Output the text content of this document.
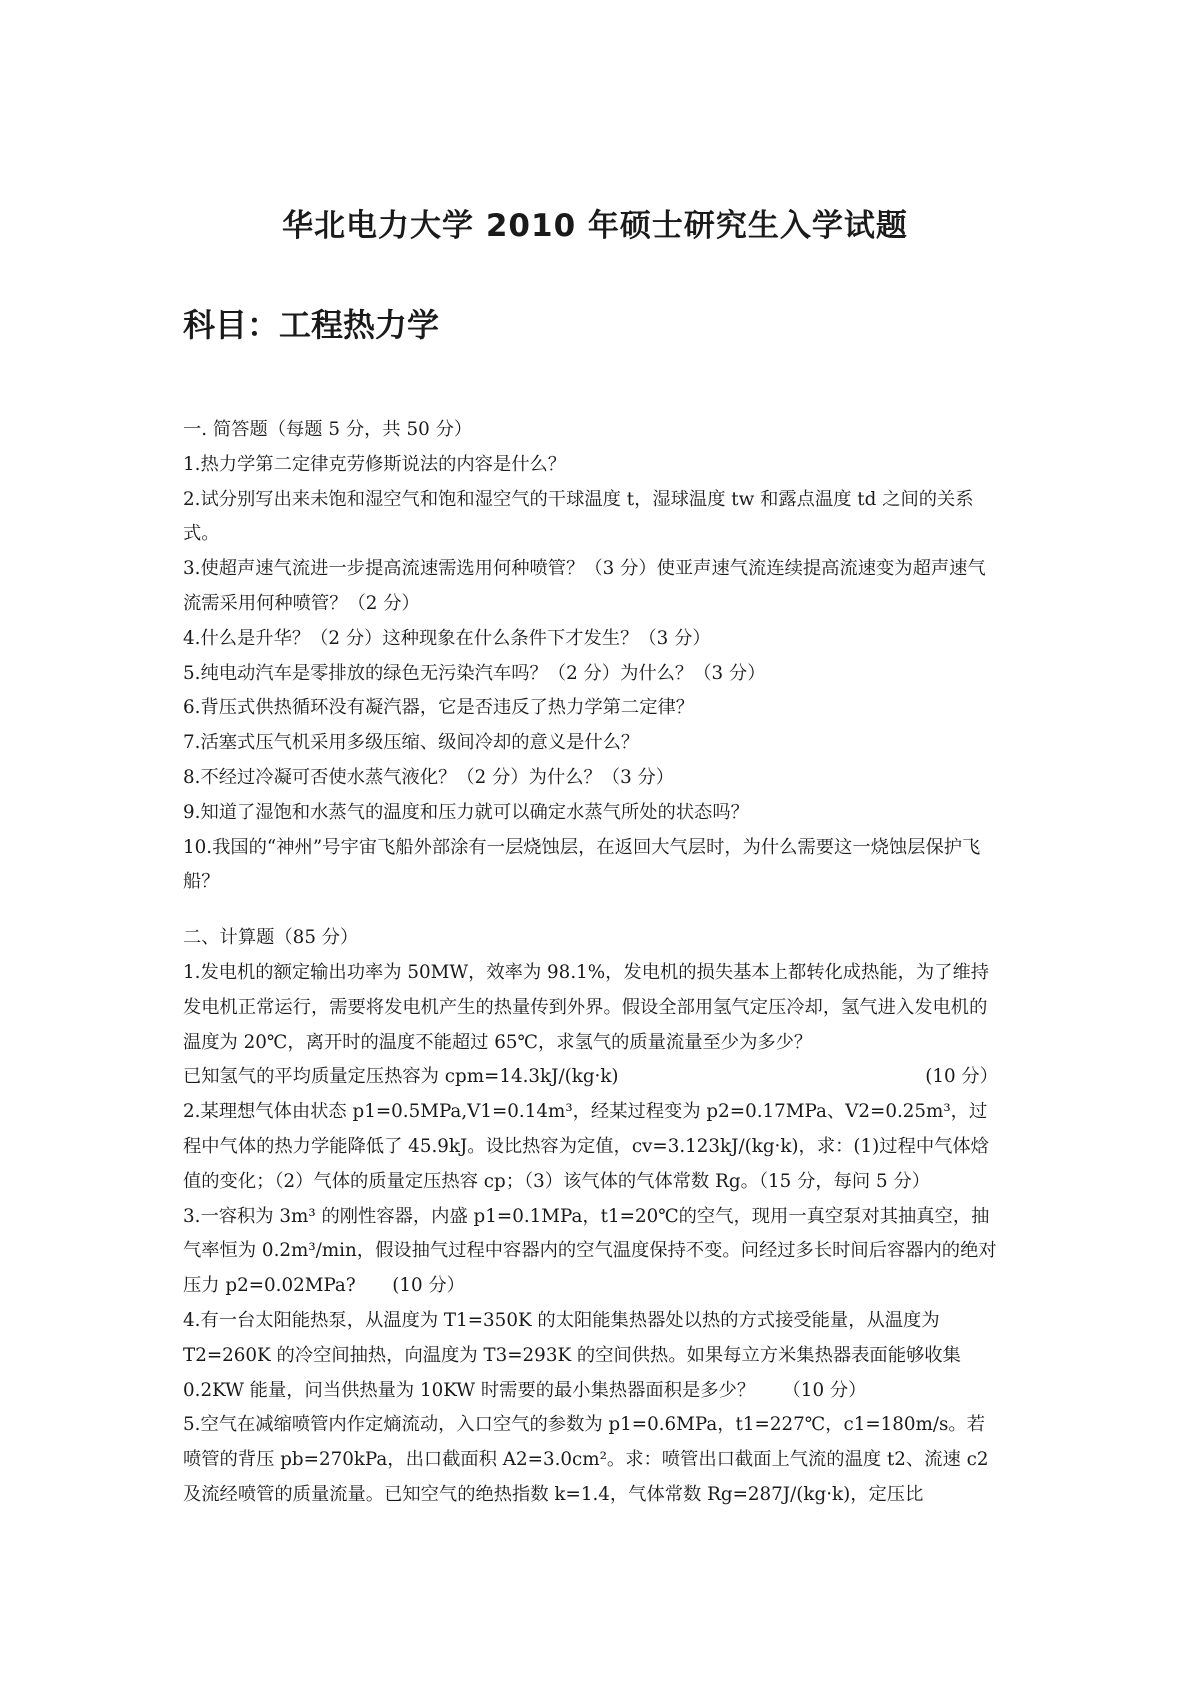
华北电力大学 2010 年硕士研究生入学试题
科目：工程热力学

一. 简答题（每题 5 分，共 50 分）

1.热力学第二定律克劳修斯说法的内容是什么？

2.试分别写出来未饱和湿空气和饱和湿空气的干球温度 t，湿球温度 tw 和露点温度 td 之间的关系式。

3.使超声速气流进一步提高流速需选用何种喷管？（3 分）使亚声速气流连续提高流速变为超声速气流需采用何种喷管？（2 分）

4.什么是升华？（2 分）这种现象在什么条件下才发生？（3 分）

5.纯电动汽车是零排放的绿色无污染汽车吗？（2 分）为什么？（3 分）

6.背压式供热循环没有凝汽器，它是否违反了热力学第二定律？

7.活塞式压气机采用多级压缩、级间冷却的意义是什么？

8.不经过冷凝可否使水蒸气液化？（2 分）为什么？（3 分）

9.知道了湿饱和水蒸气的温度和压力就可以确定水蒸气所处的状态吗？

10.我国的“神州”号宇宙飞船外部涂有一层烧蚀层，在返回大气层时，为什么需要这一烧蚀层保护飞船？

二、计算题（85 分）

1.发电机的额定输出功率为 50MW，效率为 98.1%，发电机的损失基本上都转化成热能，为了维持发电机正常运行，需要将发电机产生的热量传到外界。假设全部用氢气定压冷却，氢气进入发电机的温度为 20℃，离开时的温度不能超过 65℃，求氢气的质量流量至少为多少？

已知氢气的平均质量定压热容为 cpm=14.3kJ/(kg·k)	(10 分）

2.某理想气体由状态 p1=0.5MPa,V1=0.14m³，经某过程变为 p2=0.17MPa、V2=0.25m³，过程中气体的热力学能降低了 45.9kJ。设比热容为定值，cv=3.123kJ/(kg·k)，求：(1)过程中气体焓值的变化；（2）气体的质量定压热容 cp；（3）该气体的气体常数 Rg。（15 分，每问 5 分）

3.一容积为 3m³ 的刚性容器，内盛 p1=0.1MPa，t1=20℃的空气，现用一真空泵对其抽真空，抽气率恒为 0.2m³/min，假设抽气过程中容器内的空气温度保持不变。问经过多长时间后容器内的绝对压力 p2=0.02MPa?　　(10 分）

4.有一台太阳能热泵，从温度为 T1=350K 的太阳能集热器处以热的方式接受能量，从温度为 T2=260K 的冷空间抽热，向温度为 T3=293K 的空间供热。如果每立方米集热器表面能够收集 0.2KW 能量，问当供热量为 10KW 时需要的最小集热器面积是多少？　　（10 分）

5.空气在减缩喷管内作定熵流动，入口空气的参数为 p1=0.6MPa，t1=227℃，c1=180m/s。若喷管的背压 pb=270kPa，出口截面积 A2=3.0cm²。求：喷管出口截面上气流的温度 t2、流速 c2 及流经喷管的质量流量。已知空气的绝热指数 k=1.4，气体常数 Rg=287J/(kg·k)，定压比
